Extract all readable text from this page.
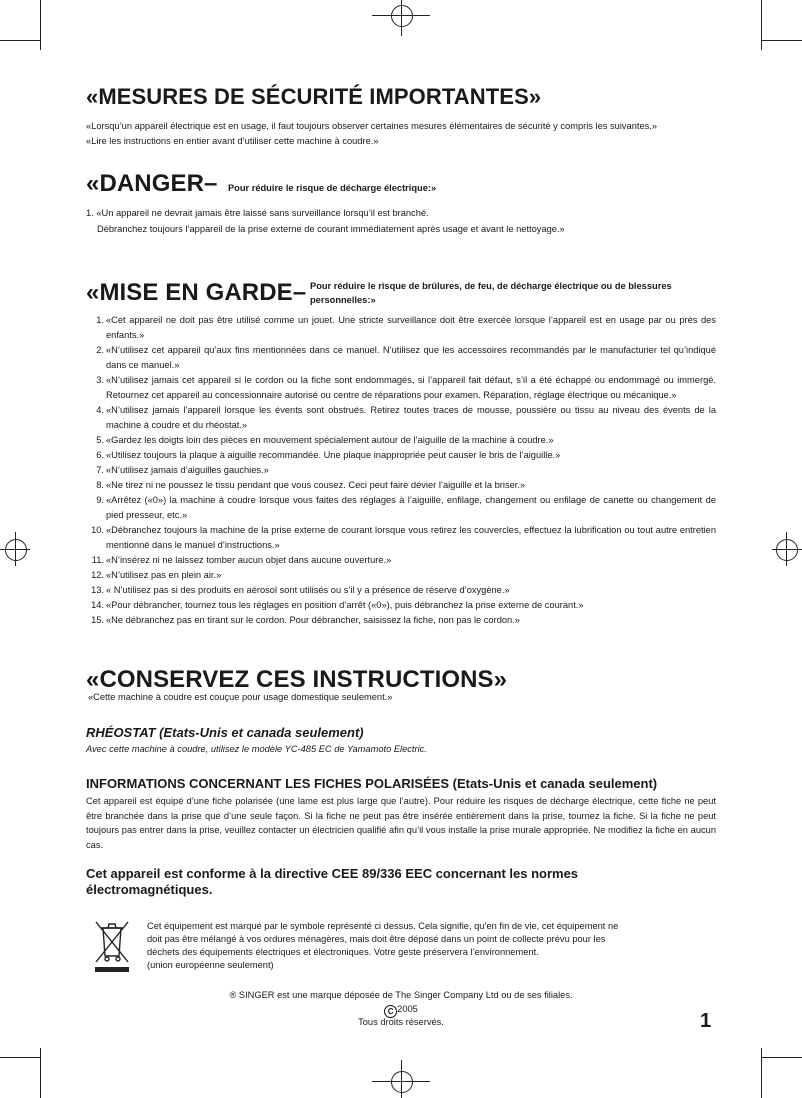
«MESURES DE SÉCURITÉ IMPORTANTES»
«Lorsqu’un appareil électrique est en usage, il faut toujours observer certaines mesures élémentaires de sécurité y compris les suivantes.»
«Lire les instructions en entier avant d’utiliser cette machine à coudre.»
«DANGER– Pour réduire le risque de décharge électrique:»
1. «Un appareil ne devrait jamais être laissé sans surveillance lorsqu’il est branché.
Débranchez toujours l’appareil de la prise externe de courant immédiatement après usage et avant le nettoyage.»
«MISE EN GARDE– Pour réduire le risque de brûlures, de feu, de décharge électrique ou de blessures personnelles:»
1. «Cet appareil ne doit pas être utilisé comme un jouet. Une stricte surveillance doit être exercée lorsque l’appareil est en usage par ou près des enfants.»
2. «N’utilisez cet appareil qu’aux fins mentionnées dans ce manuel. N’utilisez que les accessoires recommandés par le manufacturier tel qu’indiqué dans ce manuel.»
3. «N’utilisez jamais cet appareil si le cordon ou la fiche sont endommagés, si l’appareil fait défaut, s’il a été échappé ou endommagé ou immergé. Retournez cet appareil au concessionnaire autorisé ou centre de réparations pour examen. Réparation, réglage électrique ou mécanique.»
4. «N’utilisez jamais l’appareil lorsque les évents sont obstrués. Retirez toutes traces de mousse, poussière ou tissu au niveau des évents de la machine à coudre et du rhéostat.»
5. «Gardez les doigts loin des pièces en mouvement spécialement autour de l’aiguille de la machine à coudre.»
6. «Utilisez toujours la plaque à aiguille recommandée. Une plaque inappropriée peut causer le bris de l’aiguille.»
7. «N’utilisez jamais d’aiguilles gauchies.»
8. «Ne tirez ni ne poussez le tissu pendant que vous cousez. Ceci peut faire dévier l’aiguille et la briser.»
9. «Arrêtez («0») la machine à coudre lorsque vous faites des réglages à l’aiguille, enfilage, changement ou enfilage de canette ou changement de pied presseur, etc.»
10. «Débranchez toujours la machine de la prise externe de courant lorsque vous retirez les couvercles, effectuez la lubrification ou tout autre entretien mentionné dans le manuel d’instructions.»
11. «N’insérez ni ne laissez tomber aucun objet dans aucune ouverture.»
12. «N’utilisez pas en plein air.»
13. « N’utilisez pas si des produits en aérosol sont utilisés ou s’il y a présence de réserve d’oxygène.»
14. «Pour débrancher, tournez tous les réglages en position d’arrêt («0»), puis débranchez la prise externe de courant.»
15. «Ne débranchez pas en tirant sur le cordon. Pour débrancher, saisissez la fiche, non pas le cordon.»
«CONSERVEZ CES INSTRUCTIONS»
«Cette machine à coudre est couçue pour usage domestique seulement.»
RHÉOSTAT (Etats-Unis et canada seulement)
Avec cette machine à coudre, utilisez le modèle YC-485 EC de Yamamoto Electric.
INFORMATIONS CONCERNANT LES FICHES POLARISÉES (Etats-Unis et canada seulement)
Cet appareil est équipé d’une fiche polarisée (une lame est plus large que l’autre). Pour réduire les risques de décharge électrique, cette fiche ne peut être branchée dans la prise que d’une seule façon. Si la fiche ne peut pas être insérée entièrement dans la prise, tournez la fiche. Si la fiche ne peut toujours pas entrer dans la prise, veuillez contacter un électricien qualifié afin qu’il vous installe la prise murale appropriée. Ne modifiez la fiche en aucun cas.
Cet appareil est conforme à la directive CEE 89/336 EEC concernant les normes
électromagnétiques.
Cet équipement est marqué par le symbole représenté ci dessus. Cela signifie, qu’en fin de vie, cet équipement ne
doit pas être mélangé à vos ordures ménagères, mais doit être déposé dans un point de collecte prévu pour les
déchets des équipements électriques et électroniques. Votre geste préservera l’environnement.
(union européenne seulement)
® SINGER est une marque déposée de The Singer Company Ltd ou de ses filiales.
C 2005
Tous droits réservés.	1
